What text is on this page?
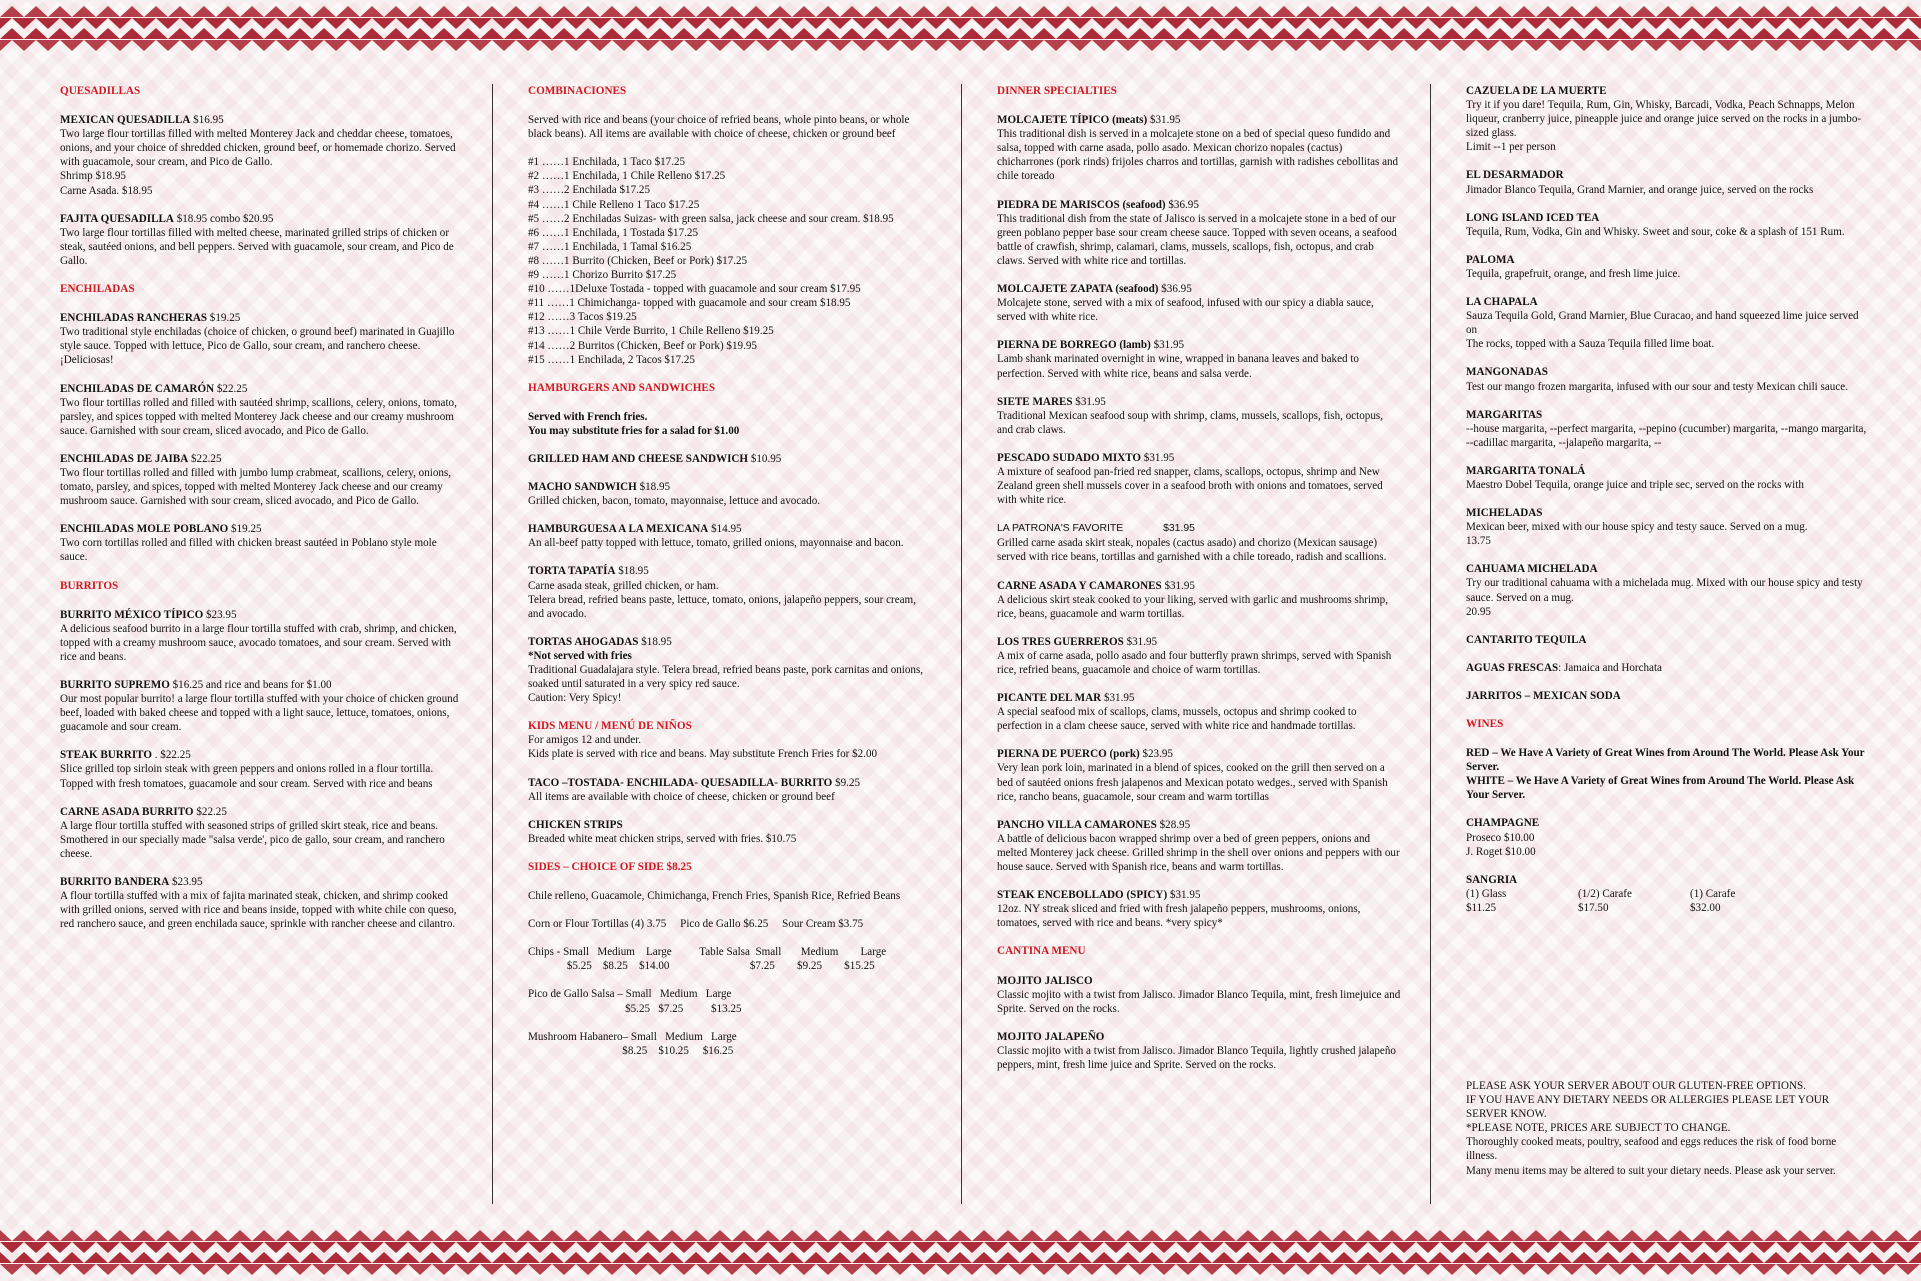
QUESADILLAS
MEXICAN QUESADILLA $16.95
Two large flour tortillas filled with melted Monterey Jack and cheddar cheese, tomatoes, onions, and your choice of shredded chicken, ground beef, or homemade chorizo. Served with guacamole, sour cream, and Pico de Gallo.
Shrimp $18.95
Carne Asada. $18.95
FAJITA QUESADILLA $18.95 combo $20.95
Two large flour tortillas filled with melted cheese, marinated grilled strips of chicken or steak, sautéed onions, and bell peppers. Served with guacamole, sour cream, and Pico de Gallo.
ENCHILADAS
ENCHILADAS RANCHERAS $19.25
Two traditional style enchiladas (choice of chicken, o ground beef) marinated in Guajillo style sauce. Topped with lettuce, Pico de Gallo, sour cream, and ranchero cheese. ¡Deliciosas!
ENCHILADAS DE CAMARÓN $22.25
Two flour tortillas rolled and filled with sautéed shrimp, scallions, celery, onions, tomato, parsley, and spices topped with melted Monterey Jack cheese and our creamy mushroom sauce. Garnished with sour cream, sliced avocado, and Pico de Gallo.
ENCHILADAS DE JAIBA $22.25
Two flour tortillas rolled and filled with jumbo lump crabmeat, scallions, celery, onions, tomato, parsley, and spices, topped with melted Monterey Jack cheese and our creamy mushroom sauce. Garnished with sour cream, sliced avocado, and Pico de Gallo.
ENCHILADAS MOLE POBLANO $19.25
Two corn tortillas rolled and filled with chicken breast sautéed in Poblano style mole sauce.
BURRITOS
BURRITO MÉXICO TÍPICO $23.95
A delicious seafood burrito in a large flour tortilla stuffed with crab, shrimp, and chicken, topped with a creamy mushroom sauce, avocado tomatoes, and sour cream. Served with rice and beans.
BURRITO SUPREMO $16.25 and rice and beans for $1.00
Our most popular burrito! a large flour tortilla stuffed with your choice of chicken ground beef, loaded with baked cheese and topped with a light sauce, lettuce, tomatoes, onions, guacamole and sour cream.
STEAK BURRITO . $22.25
Slice grilled top sirloin steak with green peppers and onions rolled in a flour tortilla. Topped with fresh tomatoes, guacamole and sour cream. Served with rice and beans
CARNE ASADA BURRITO $22.25
A large flour tortilla stuffed with seasoned strips of grilled skirt steak, rice and beans. Smothered in our specially made "salsa verde', pico de gallo, sour cream, and ranchero cheese.
BURRITO BANDERA $23.95
A flour tortilla stuffed with a mix of fajita marinated steak, chicken, and shrimp cooked with grilled onions, served with rice and beans inside, topped with white chile con queso, red ranchero sauce, and green enchilada sauce, sprinkle with rancher cheese and cilantro.
COMBINACIONES
Served with rice and beans (your choice of refried beans, whole pinto beans, or whole black beans). All items are available with choice of cheese, chicken or ground beef
#1 ……1 Enchilada, 1 Taco $17.25
#2 ……1 Enchilada, 1 Chile Relleno $17.25
#3 ……2 Enchilada $17.25
#4 ……1 Chile Relleno 1 Taco $17.25
#5 ……2 Enchiladas Suizas- with green salsa, jack cheese and sour cream. $18.95
#6 ……1 Enchilada, 1 Tostada $17.25
#7 ……1 Enchilada, 1 Tamal $16.25
#8 ……1 Burrito (Chicken, Beef or Pork) $17.25
#9 ……1 Chorizo Burrito $17.25
#10 ……1Deluxe Tostada - topped with guacamole and sour cream $17.95
#11 ……1 Chimichanga- topped with guacamole and sour cream $18.95
#12 ……3 Tacos $19.25
#13 ……1 Chile Verde Burrito, 1 Chile Relleno $19.25
#14 ……2 Burritos (Chicken, Beef or Pork) $19.95
#15 ……1 Enchilada, 2 Tacos $17.25
HAMBURGERS AND SANDWICHES
Served with French fries.
You may substitute fries for a salad for $1.00
GRILLED HAM AND CHEESE SANDWICH $10.95
MACHO SANDWICH $18.95
Grilled chicken, bacon, tomato, mayonnaise, lettuce and avocado.
HAMBURGUESA A LA MEXICANA $14.95
An all-beef patty topped with lettuce, tomato, grilled onions, mayonnaise and bacon.
TORTA TAPATÍA $18.95
Carne asada steak, grilled chicken, or ham.
Telera bread, refried beans paste, lettuce, tomato, onions, jalapeño peppers, sour cream, and avocado.
TORTAS AHOGADAS $18.95
*Not served with fries
Traditional Guadalajara style. Telera bread, refried beans paste, pork carnitas and onions, soaked until saturated in a very spicy red sauce.
Caution: Very Spicy!
KIDS MENU / MENÚ DE NIÑOS
For amigos 12 and under.
Kids plate is served with rice and beans. May substitute French Fries for $2.00
TACO –TOSTADA- ENCHILADA- QUESADILLA- BURRITO $9.25
All items are available with choice of cheese, chicken or ground beef
CHICKEN STRIPS
Breaded white meat chicken strips, served with fries. $10.75
SIDES – CHOICE OF SIDE $8.25
Chile relleno, Guacamole, Chimichanga, French Fries, Spanish Rice, Refried Beans
Corn or Flour Tortillas (4) 3.75     Pico de Gallo $6.25     Sour Cream $3.75
Chips - Small   Medium    Large          Table Salsa  Small       Medium        Large
$5.25    $8.25    $14.00                             $7.25        $9.25        $15.25
Pico de Gallo Salsa – Small   Medium   Large
$5.25   $7.25          $13.25
Mushroom Habanero– Small   Medium   Large
$8.25    $10.25     $16.25
DINNER SPECIALTIES
MOLCAJETE TÍPICO (meats) $31.95
This traditional dish is served in a molcajete stone on a bed of special queso fundido and salsa, topped with carne asada, pollo asado. Mexican chorizo nopales (cactus) chicharrones (pork rinds) frijoles charros and tortillas, garnish with radishes cebollitas and chile toreado
PIEDRA DE MARISCOS (seafood) $36.95
This traditional dish from the state of Jalisco is served in a molcajete stone in a bed of our green poblano pepper base sour cream cheese sauce. Topped with seven oceans, a seafood battle of crawfish, shrimp, calamari, clams, mussels, scallops, fish, octopus, and crab claws. Served with white rice and tortillas.
MOLCAJETE ZAPATA (seafood) $36.95
Molcajete stone, served with a mix of seafood, infused with our spicy a diabla sauce, served with white rice.
PIERNA DE BORREGO (lamb) $31.95
Lamb shank marinated overnight in wine, wrapped in banana leaves and baked to perfection. Served with white rice, beans and salsa verde.
SIETE MARES $31.95
Traditional Mexican seafood soup with shrimp, clams, mussels, scallops, fish, octopus, and crab claws.
PESCADO SUDADO MIXTO $31.95
A mixture of seafood pan-fried red snapper, clams, scallops, octopus, shrimp and New Zealand green shell mussels cover in a seafood broth with onions and tomatoes, served with white rice.
LA PATRONA'S FAVORITE	$31.95
Grilled carne asada skirt steak, nopales (cactus asado) and chorizo (Mexican sausage) served with rice beans, tortillas and garnished with a chile toreado, radish and scallions.
CARNE ASADA Y CAMARONES $31.95
A delicious skirt steak cooked to your liking, served with garlic and mushrooms shrimp, rice, beans, guacamole and warm tortillas.
LOS TRES GUERREROS $31.95
A mix of carne asada, pollo asado and four butterfly prawn shrimps, served with Spanish rice, refried beans, guacamole and choice of warm tortillas.
PICANTE DEL MAR $31.95
A special seafood mix of scallops, clams, mussels, octopus and shrimp cooked to perfection in a clam cheese sauce, served with white rice and handmade tortillas.
PIERNA DE PUERCO (pork) $23.95
Very lean pork loin, marinated in a blend of spices, cooked on the grill then served on a bed of sautéed onions fresh jalapenos and Mexican potato wedges., served with Spanish rice, rancho beans, guacamole, sour cream and warm tortillas
PANCHO VILLA CAMARONES $28.95
A battle of delicious bacon wrapped shrimp over a bed of green peppers, onions and melted Monterey jack cheese. Grilled shrimp in the shell over onions and peppers with our house sauce. Served with Spanish rice, beans and warm tortillas.
STEAK ENCEBOLLADO (SPICY) $31.95
12oz. NY streak sliced and fried with fresh jalapeño peppers, mushrooms, onions, tomatoes, served with rice and beans. *very spicy*
CANTINA MENU
MOJITO JALISCO
Classic mojito with a twist from Jalisco. Jimador Blanco Tequila, mint, fresh limejuice and Sprite. Served on the rocks.
MOJITO JALAPEÑO
Classic mojito with a twist from Jalisco. Jimador Blanco Tequila, lightly crushed jalapeño peppers, mint, fresh lime juice and Sprite. Served on the rocks.
CAZUELA DE LA MUERTE
Try it if you dare! Tequila, Rum, Gin, Whisky, Barcadi, Vodka, Peach Schnapps, Melon liqueur, cranberry juice, pineapple juice and orange juice served on the rocks in a jumbo-sized glass.
Limit --1 per person
EL DESARMADOR
Jimador Blanco Tequila, Grand Marnier, and orange juice, served on the rocks
LONG ISLAND ICED TEA
Tequila, Rum, Vodka, Gin and Whisky. Sweet and sour, coke & a splash of 151 Rum.
PALOMA
Tequila, grapefruit, orange, and fresh lime juice.
LA CHAPALA
Sauza Tequila Gold, Grand Marnier, Blue Curacao, and hand squeezed lime juice served on
The rocks, topped with a Sauza Tequila filled lime boat.
MANGONADAS
Test our mango frozen margarita, infused with our sour and testy Mexican chili sauce.
MARGARITAS
--house margarita, --perfect margarita, --pepino (cucumber) margarita, --mango margarita, --cadillac margarita, --jalapeño margarita, --
MARGARITA TONALÁ
Maestro Dobel Tequila, orange juice and triple sec, served on the rocks with
MICHELADAS
Mexican beer, mixed with our house spicy and testy sauce. Served on a mug.
13.75
CAHUAMA MICHELADA
Try our traditional cahuama with a michelada mug. Mixed with our house spicy and testy sauce. Served on a mug.
20.95
CANTARITO TEQUILA
AGUAS FRESCAS: Jamaica and Horchata
JARRITOS – MEXICAN SODA
WINES
RED – We Have A Variety of Great Wines from Around The World. Please Ask Your Server.
WHITE – We Have A Variety of Great Wines from Around The World. Please Ask Your Server.
CHAMPAGNE
Proseco $10.00
J. Roget $10.00
SANGRIA
(1) Glass	(1/2) Carafe	(1) Carafe
$11.25	$17.50	$32.00
PLEASE ASK YOUR SERVER ABOUT OUR GLUTEN-FREE OPTIONS.
IF YOU HAVE ANY DIETARY NEEDS OR ALLERGIES PLEASE LET YOUR SERVER KNOW.
*PLEASE NOTE, PRICES ARE SUBJECT TO CHANGE.
Thoroughly cooked meats, poultry, seafood and eggs reduces the risk of food borne illness.
Many menu items may be altered to suit your dietary needs. Please ask your server.
